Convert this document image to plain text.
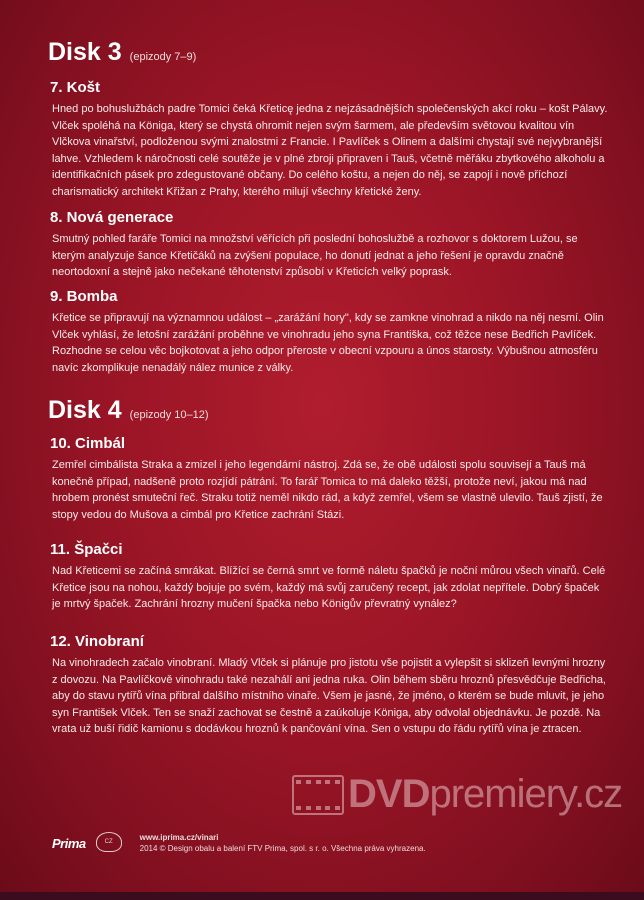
Disk 3 (epizody 7–9)
7. Košt

Hned po bohuslužbách padre Tomici čeká Křeticę jedna z nejzásadnějších společenských akcí roku – košt Pálavy. Vlček spoléhá na Königa, který se chystá ohromit nejen svým šarmem, ale především světovou kvalitou vín Vlčkova vinařství, podloženou svými znalostmi z Francie. I Pavlíček s Olinem a dalšími chystají své nejvybranější lahve. Vzhledem k náročnosti celé soutěže je v plné zbroji připraven i Tauš, včetně měřáku zbytkového alkoholu a identifikačních pásek pro zdegustované občany. Do celého koštu, a nejen do něj, se zapojí i nově příchozí charismatický architekt Křižan z Prahy, kterého milují všechny křetické ženy.

8. Nová generace

Smutný pohled faráře Tomici na množství věřících při poslední bohoslužbě a rozhovor s doktorem Lužou, se kterým analyzuje šance Křetičáků na zvýšení populace, ho donutí jednat a jeho řešení je opravdu značně neortodoxní a stejně jako nečekané těhotenství způsobí v Křeticích velký poprask.

9. Bomba

Křetice se připravují na významnou událost – „zarážání hory", kdy se zamkne vinohrad a nikdo na něj nesmí. Olin Vlček vyhlásí, že letošní zarážání proběhne ve vinohradu jeho syna Františka, což těžce nese Bedřich Pavlíček. Rozhodne se celou věc bojkotovat a jeho odpor přeroste v obecní vzpouru a únos starosty. Výbušnou atmosféru navíc zkomplikuje nenadálý nález munice z války.

Disk 4 (epizody 10–12)
10. Cimbál

Zemřel cimbálista Straka a zmizel i jeho legendární nástroj. Zdá se, že obě události spolu souvisejí a Tauš má konečně případ, nadšeně proto rozjídí pátrání. To farář Tomica to má daleko těžší, protože neví, jakou má nad hrobem pronést smuteční řeč. Straku totiž neměl nikdo rád, a když zemřel, všem se vlastně ulevilo. Tauš zjistí, že stopy vedou do Mušova a cimbál pro Křetice zachrání Stázi.

11. Špačci

Nad Křeticemi se začíná smrákat. Blížící se černá smrt ve formě náletu špačků je noční můrou všech vinařů. Celé Křetice jsou na nohou, každý bojuje po svém, každý má svůj zaručený recept, jak zdolat nepřítele. Dobrý špaček je mrtvý špaček. Zachrání hrozny mučení špačka nebo Königův převratný vynález?

12. Vinobraní

Na vinohradech začalo vinobraní. Mladý Vlček si plánuje pro jistotu vše pojistit a vylepšit si sklizeň levnými hrozny z dovozu. Na Pavlíčkově vinohradu také nezahálí ani jedna ruka. Olin během sběru hroznů přesvědčuje Bedřicha, aby do stavu rytířů vína přibral dalšího místního vinaře. Všem je jasné, že jméno, o kterém se bude mluvit, je jeho syn František Vlček. Ten se snaží zachovat se čestně a zaúkoluje Königa, aby odvolal objednávku. Je pozdě. Na vrata už buší řidič kamionu s dodávkou hroznů k pančování vína. Sen o vstupu do řádu rytířů vína je ztracen.

DVDpremiery.cz
Prima	CZ	www.iprima.cz/vinari
2014 © Design obalu a balení FTV Prima, spol. s r. o. Všechna práva vyhrazena.
